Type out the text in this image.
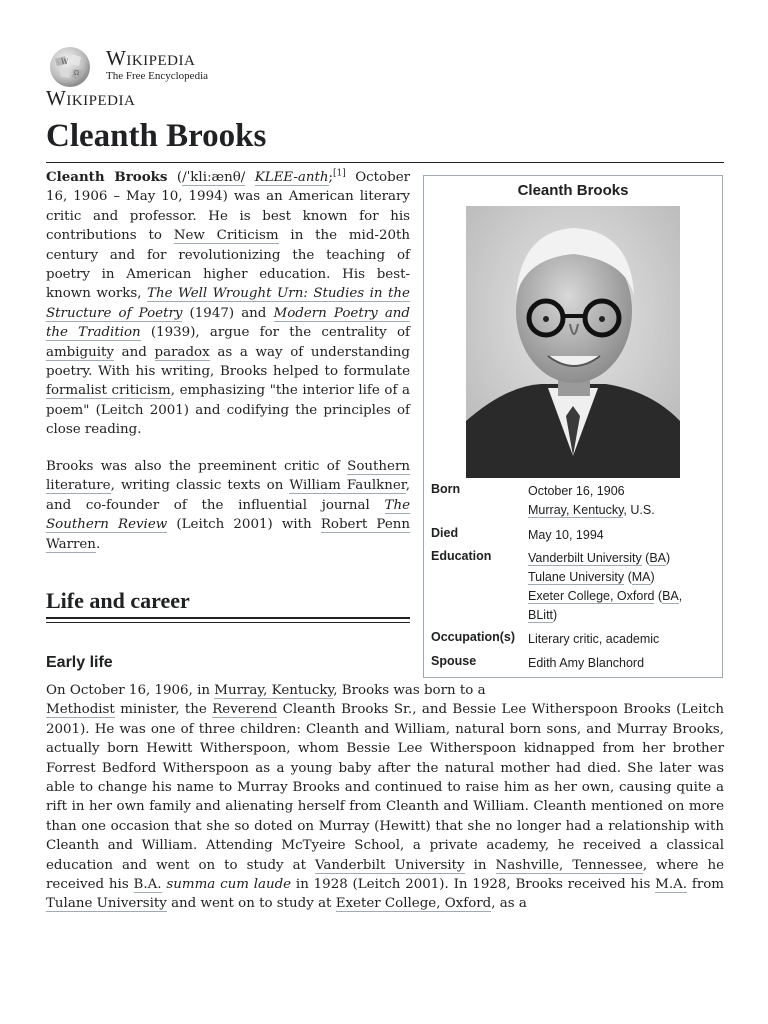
W
Ω
Wikipedia
The Free Encyclopedia
Wikipedia
Cleanth Brooks

Cleanth Brooks (/ˈkliːænθ/ KLEE-anth;[1] October 16, 1906 – May 10, 1994) was an American literary critic and professor. He is best known for his contributions to New Criticism in the mid-20th century and for revolutionizing the teaching of poetry in American higher education. His best-known works, The Well Wrought Urn: Studies in the Structure of Poetry (1947) and Modern Poetry and the Tradition (1939), argue for the centrality of ambiguity and paradox as a way of understanding poetry. With his writing, Brooks helped to formulate formalist criticism, emphasizing "the interior life of a poem" (Leitch 2001) and codifying the principles of close reading.

Brooks was also the preeminent critic of Southern literature, writing classic texts on William Faulkner, and co-founder of the influential journal The Southern Review (Leitch 2001) with Robert Penn Warren.

Life and career
Early life

On October 16, 1906, in Murray, Kentucky, Brooks was born to a
Methodist minister, the Reverend Cleanth Brooks Sr., and Bessie Lee Witherspoon Brooks (Leitch 2001). He was one of three children: Cleanth and William, natural born sons, and Murray Brooks, actually born Hewitt Witherspoon, whom Bessie Lee Witherspoon kidnapped from her brother Forrest Bedford Witherspoon as a young baby after the natural mother had died. She later was able to change his name to Murray Brooks and continued to raise him as her own, causing quite a rift in her own family and alienating herself from Cleanth and William. Cleanth mentioned on more than one occasion that she so doted on Murray (Hewitt) that she no longer had a relationship with Cleanth and William. Attending McTyeire School, a private academy, he received a classical education and went on to study at Vanderbilt University in Nashville, Tennessee, where he received his B.A. summa cum laude in 1928 (Leitch 2001). In 1928, Brooks received his M.A. from Tulane University and went on to study at Exeter College, Oxford, as a

Cleanth Brooks
Born	October 16, 1906
Murray, Kentucky, U.S.
Died	May 10, 1994
Education	Vanderbilt University (BA)
Tulane University (MA)
Exeter College, Oxford (BA,
BLitt)
Occupation(s)	Literary critic, academic
Spouse	Edith Amy Blanchord
